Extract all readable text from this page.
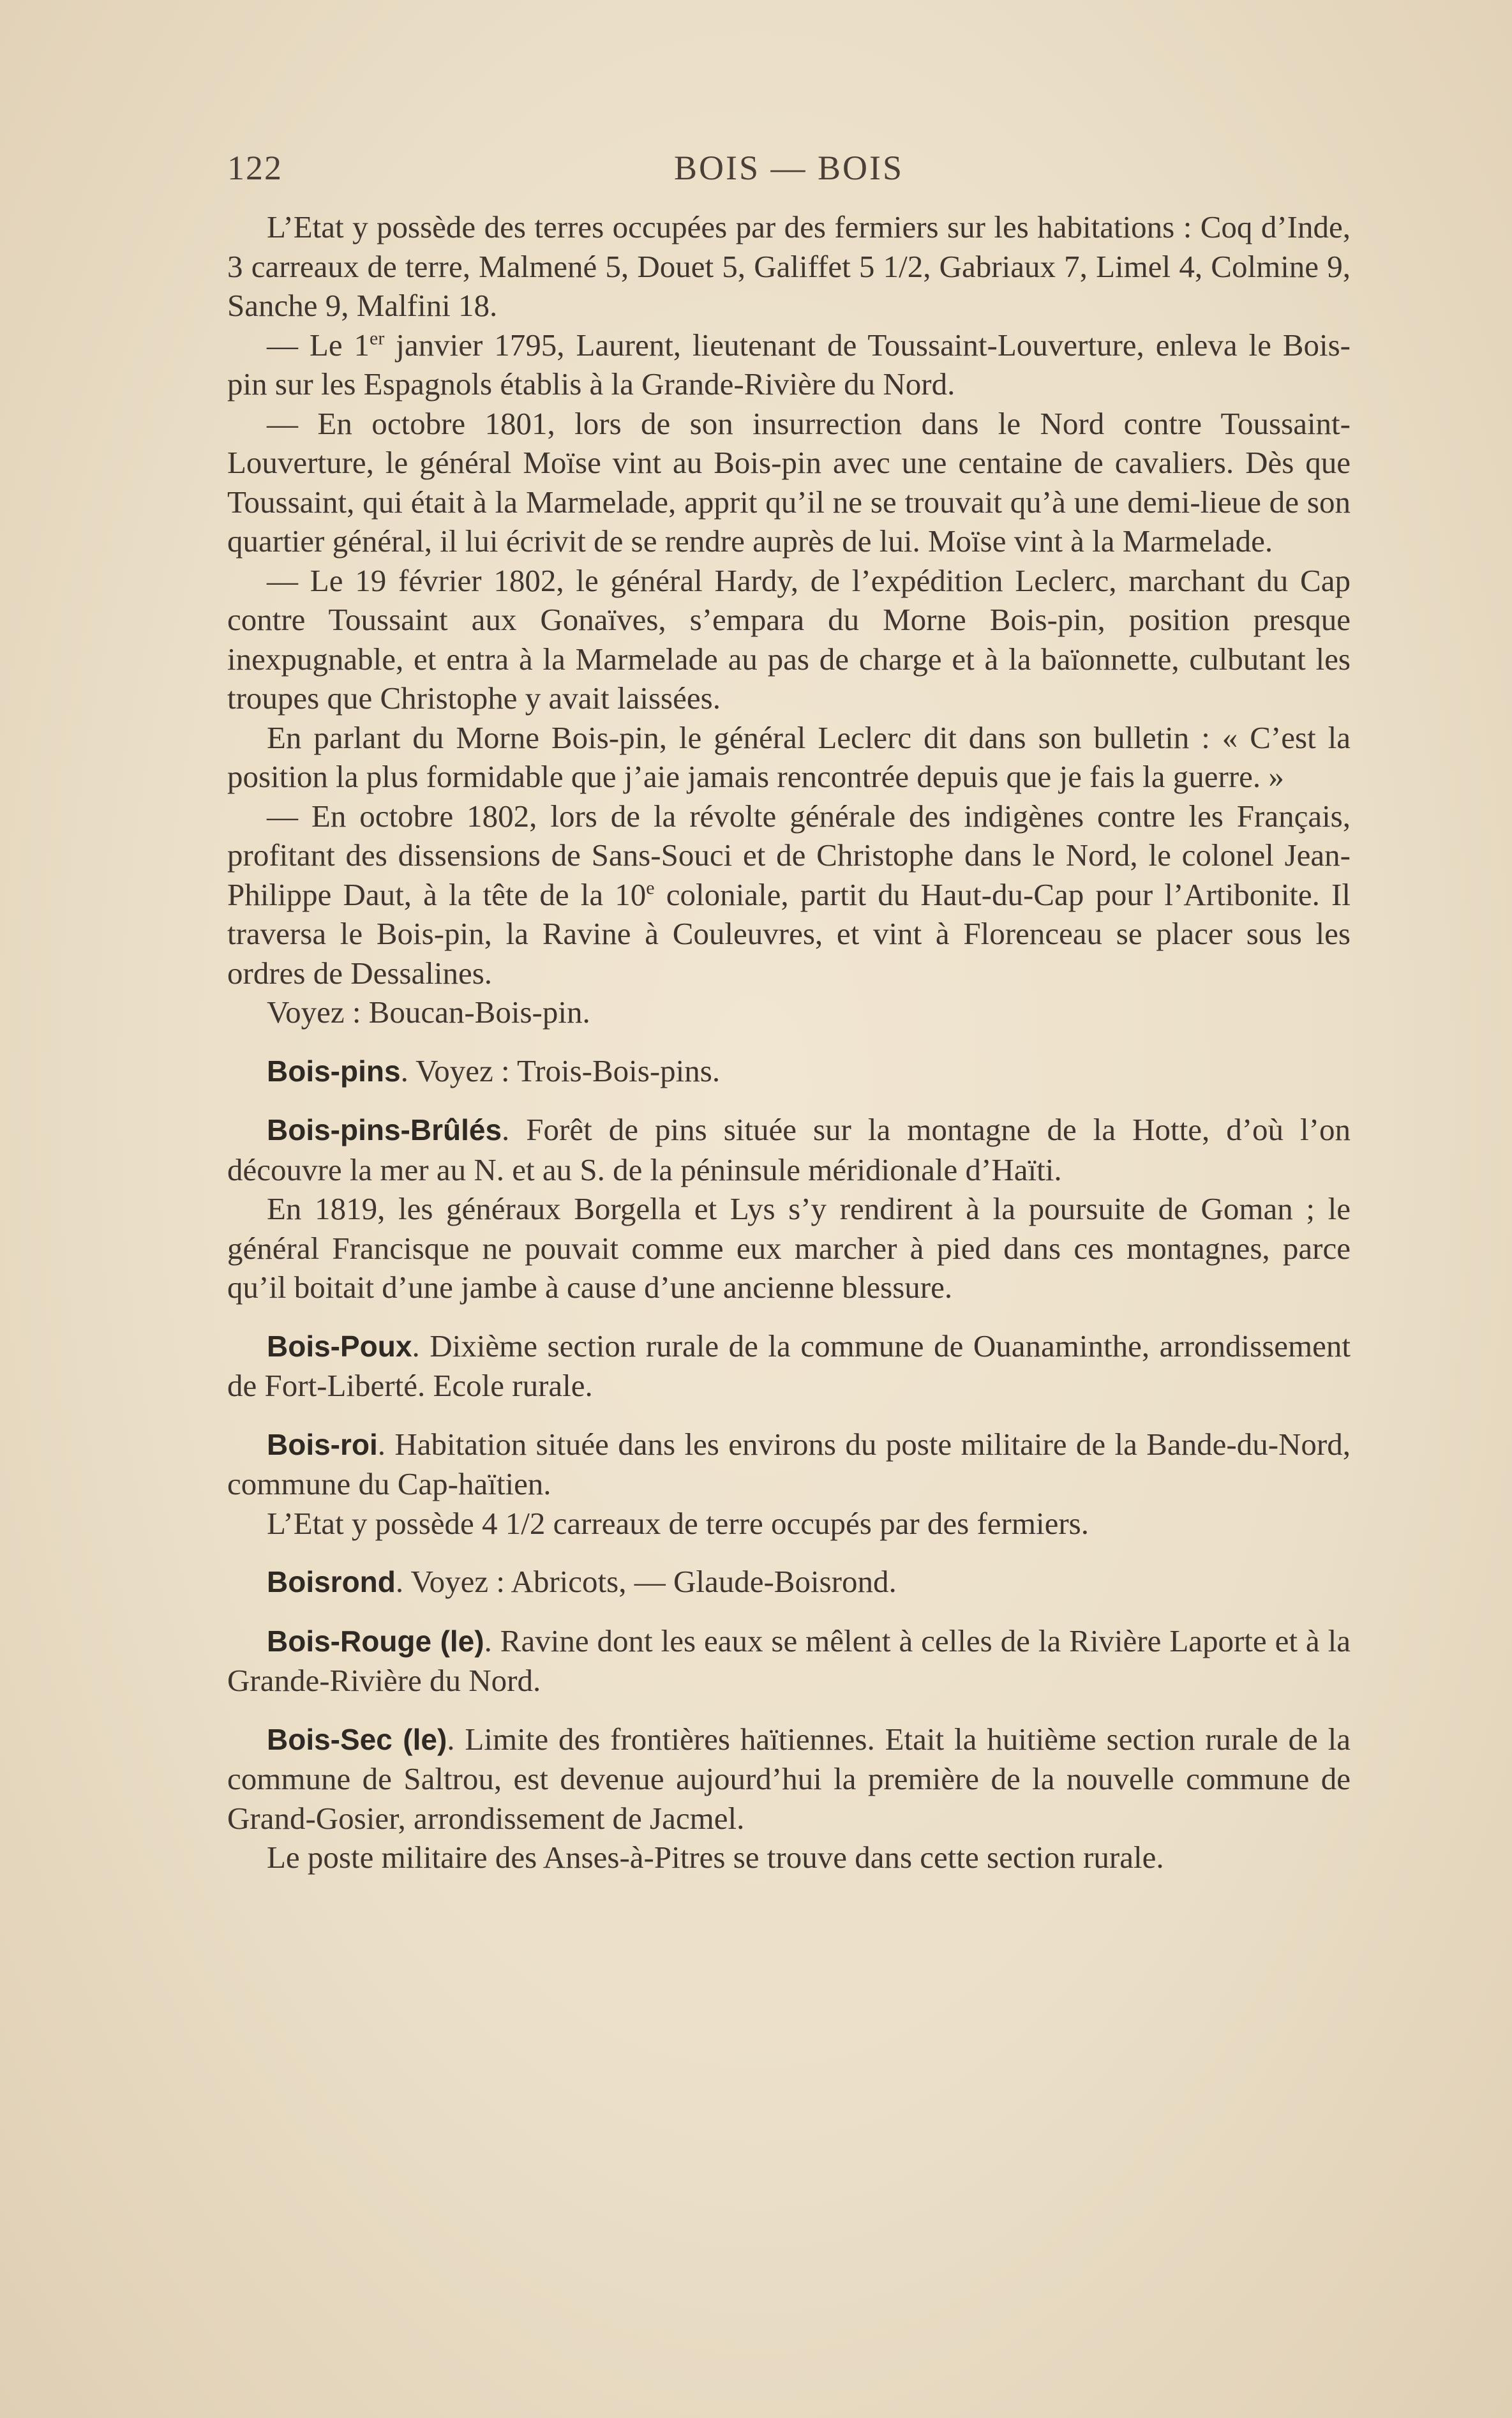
122	BOIS — BOIS

L’Etat y possède des terres occupées par des fermiers sur les habitations : Coq d’Inde, 3 carreaux de terre, Malmené 5, Douet 5, Galiffet 5 1/2, Gabriaux 7, Limel 4, Colmine 9, Sanche 9, Malfini 18.

— Le 1er janvier 1795, Laurent, lieutenant de Toussaint-Louverture, enleva le Bois-pin sur les Espagnols établis à la Grande-Rivière du Nord.

— En octobre 1801, lors de son insurrection dans le Nord contre Toussaint-Louverture, le général Moïse vint au Bois-pin avec une centaine de cavaliers. Dès que Toussaint, qui était à la Marmelade, apprit qu’il ne se trouvait qu’à une demi-lieue de son quartier général, il lui écrivit de se rendre auprès de lui. Moïse vint à la Marmelade.

— Le 19 février 1802, le général Hardy, de l’expédition Leclerc, marchant du Cap contre Toussaint aux Gonaïves, s’empara du Morne Bois-pin, position presque inexpugnable, et entra à la Marmelade au pas de charge et à la baïonnette, culbutant les troupes que Christophe y avait laissées.

En parlant du Morne Bois-pin, le général Leclerc dit dans son bulletin : « C’est la position la plus formidable que j’aie jamais rencontrée depuis que je fais la guerre. »

— En octobre 1802, lors de la révolte générale des indigènes contre les Français, profitant des dissensions de Sans-Souci et de Christophe dans le Nord, le colonel Jean-Philippe Daut, à la tête de la 10e coloniale, partit du Haut-du-Cap pour l’Artibonite. Il traversa le Bois-pin, la Ravine à Couleuvres, et vint à Florenceau se placer sous les ordres de Dessalines.

Voyez : Boucan-Bois-pin.

Bois-pins. Voyez : Trois-Bois-pins.

Bois-pins-Brûlés. Forêt de pins située sur la montagne de la Hotte, d’où l’on découvre la mer au N. et au S. de la péninsule méridionale d’Haïti.

En 1819, les généraux Borgella et Lys s’y rendirent à la poursuite de Goman ; le général Francisque ne pouvait comme eux marcher à pied dans ces montagnes, parce qu’il boitait d’une jambe à cause d’une ancienne blessure.

Bois-Poux. Dixième section rurale de la commune de Ouanaminthe, arrondissement de Fort-Liberté. Ecole rurale.

Bois-roi. Habitation située dans les environs du poste militaire de la Bande-du-Nord, commune du Cap-haïtien.

L’Etat y possède 4 1/2 carreaux de terre occupés par des fermiers.

Boisrond. Voyez : Abricots, — Glaude-Boisrond.

Bois-Rouge (le). Ravine dont les eaux se mêlent à celles de la Rivière Laporte et à la Grande-Rivière du Nord.

Bois-Sec (le). Limite des frontières haïtiennes. Etait la huitième section rurale de la commune de Saltrou, est devenue aujourd’hui la première de la nouvelle commune de Grand-Gosier, arrondissement de Jacmel.

Le poste militaire des Anses-à-Pitres se trouve dans cette section rurale.
